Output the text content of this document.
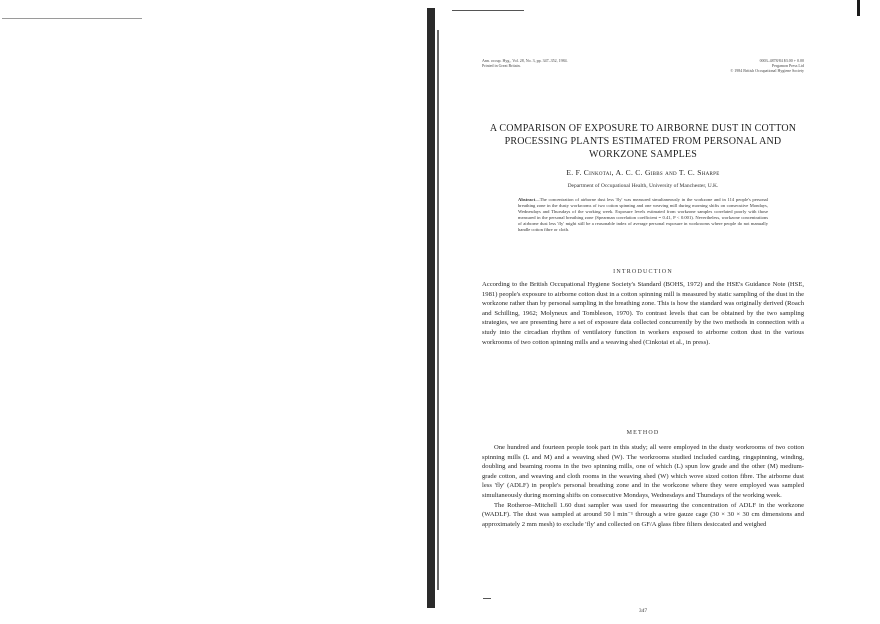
Ann. occup. Hyg., Vol. 28, No. 3, pp. 347–352, 1984.
Printed in Great Britain.
0003–4878/84 $3.00 + 0.00
Pergamon Press Ltd
© 1984 British Occupational Hygiene Society
A COMPARISON OF EXPOSURE TO AIRBORNE DUST IN COTTON PROCESSING PLANTS ESTIMATED FROM PERSONAL AND WORKZONE SAMPLES
E. F. Cinkotai, A. C. C. Gibbs and T. C. Sharpe
Department of Occupational Health, University of Manchester, U.K.
Abstract—The concentration of airborne dust less 'fly' was measured simultaneously in the workzone and in 114 people's personal breathing zone in the dusty workrooms of two cotton spinning and one weaving mill during morning shifts on consecutive Mondays, Wednesdays and Thursdays of the working week. Exposure levels estimated from workzone samples correlated poorly with those measured in the personal breathing zone (Spearman correlation coefficient = 0.41, P < 0.001). Nevertheless, workzone concentrations of airborne dust less 'fly' might still be a reasonable index of average personal exposure in workrooms where people do not manually handle cotton fibre or cloth.
INTRODUCTION
According to the British Occupational Hygiene Society's Standard (BOHS, 1972) and the HSE's Guidance Note (HSE, 1981) people's exposure to airborne cotton dust in a cotton spinning mill is measured by static sampling of the dust in the workzone rather than by personal sampling in the breathing zone. This is how the standard was originally derived (Roach and Schilling, 1962; Molyneux and Tombleson, 1970). To contrast levels that can be obtained by the two sampling strategies, we are presenting here a set of exposure data collected concurrently by the two methods in connection with a study into the circadian rhythm of ventilatory function in workers exposed to airborne cotton dust in the various workrooms of two cotton spinning mills and a weaving shed (Cinkotai et al., in press).
METHOD

One hundred and fourteen people took part in this study; all were employed in the dusty workrooms of two cotton spinning mills (L and M) and a weaving shed (W). The workrooms studied included carding, ringspinning, winding, doubling and beaming rooms in the two spinning mills, one of which (L) spun low grade and the other (M) medium-grade cotton, and weaving and cloth rooms in the weaving shed (W) which wove sized cotton fibre. The airborne dust less 'fly' (ADLF) in people's personal breathing zone and in the workzone where they were employed was sampled simultaneously during morning shifts on consecutive Mondays, Wednesdays and Thursdays of the working week.

The Rotheroe–Mitchell 1.60 dust sampler was used for measuring the concentration of ADLF in the workzone (WADLF). The dust was sampled at around 50 l min⁻¹ through a wire gauze cage (30 × 30 × 30 cm dimensions and approximately 2 mm mesh) to exclude 'fly' and collected on GF/A glass fibre filters desiccated and weighed

347
